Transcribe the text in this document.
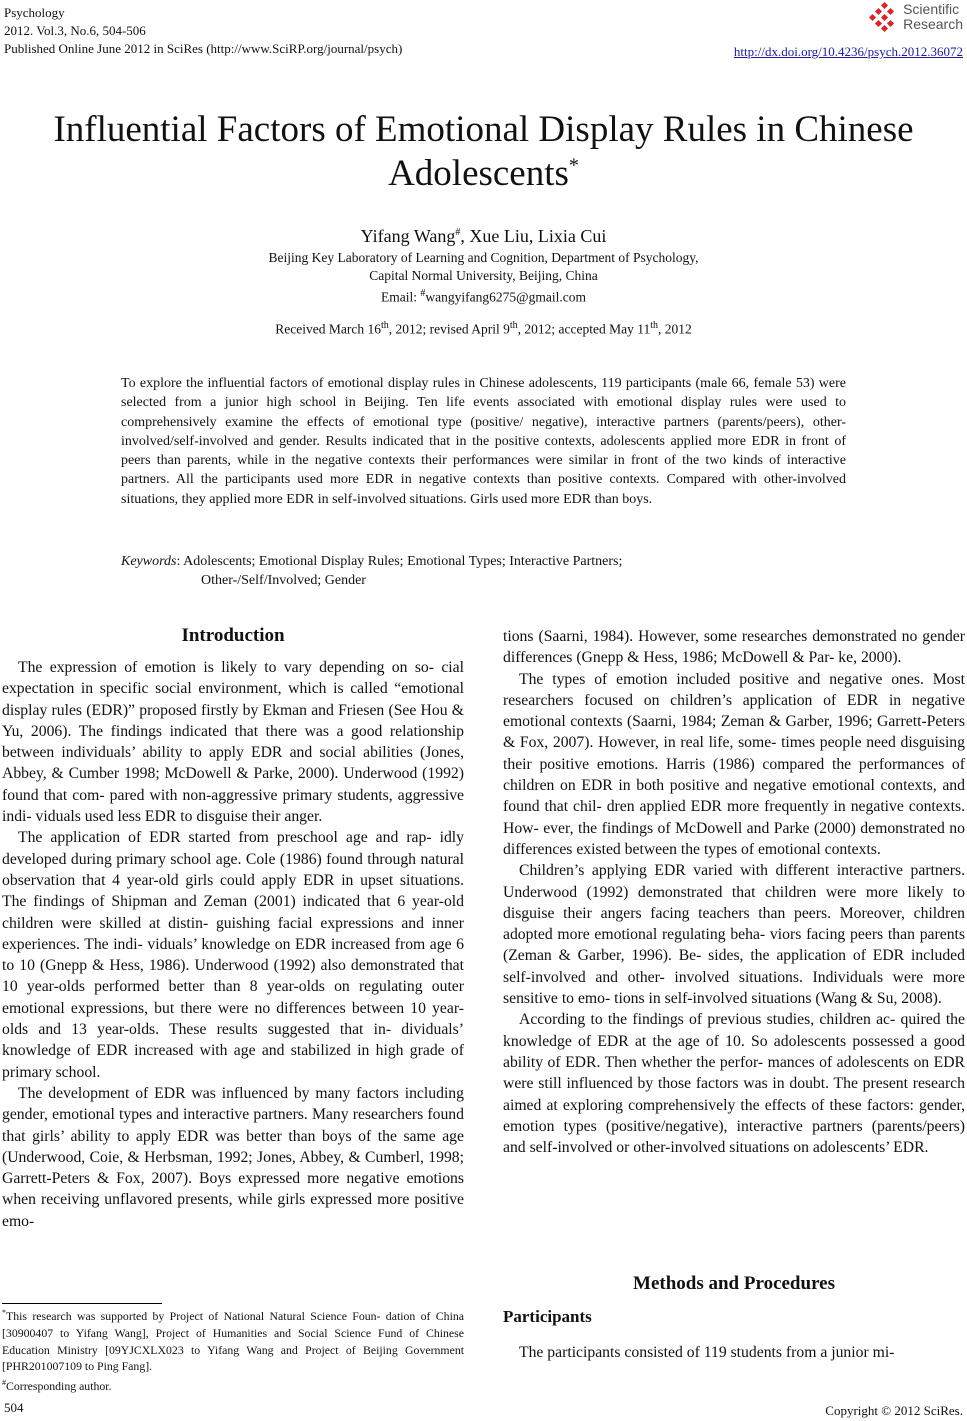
Psychology
2012. Vol.3, No.6, 504-506
Published Online June 2012 in SciRes (http://www.SciRP.org/journal/psych)	http://dx.doi.org/10.4236/psych.2012.36072
Scientific
Research
Influential Factors of Emotional Display Rules in Chinese
Adolescents*
Yifang Wang#, Xue Liu, Lixia Cui
Beijing Key Laboratory of Learning and Cognition, Department of Psychology,
Capital Normal University, Beijing, China
Email: #wangyifang6275@gmail.com
Received March 16th, 2012; revised April 9th, 2012; accepted May 11th, 2012
To explore the influential factors of emotional display rules in Chinese adolescents, 119 participants (male 66, female 53) were selected from a junior high school in Beijing. Ten life events associated with emotional display rules were used to comprehensively examine the effects of emotional type (positive/ negative), interactive partners (parents/peers), other-involved/self-involved and gender. Results indicated that in the positive contexts, adolescents applied more EDR in front of peers than parents, while in the negative contexts their performances were similar in front of the two kinds of interactive partners. All the participants used more EDR in negative contexts than positive contexts. Compared with other-involved situations, they applied more EDR in self-involved situations. Girls used more EDR than boys.
Keywords: Adolescents; Emotional Display Rules; Emotional Types; Interactive Partners;
Other-/Self/Involved; Gender
Introduction

The expression of emotion is likely to vary depending on so- cial expectation in specific social environment, which is called “emotional display rules (EDR)” proposed firstly by Ekman and Friesen (See Hou & Yu, 2006). The findings indicated that there was a good relationship between individuals’ ability to apply EDR and social abilities (Jones, Abbey, & Cumber 1998; McDowell & Parke, 2000). Underwood (1992) found that com- pared with non-aggressive primary students, aggressive indi- viduals used less EDR to disguise their anger.

The application of EDR started from preschool age and rap- idly developed during primary school age. Cole (1986) found through natural observation that 4 year-old girls could apply EDR in upset situations. The findings of Shipman and Zeman (2001) indicated that 6 year-old children were skilled at distin- guishing facial expressions and inner experiences. The indi- viduals’ knowledge on EDR increased from age 6 to 10 (Gnepp & Hess, 1986). Underwood (1992) also demonstrated that 10 year-olds performed better than 8 year-olds on regulating outer emotional expressions, but there were no differences between 10 year-olds and 13 year-olds. These results suggested that in- dividuals’ knowledge of EDR increased with age and stabilized in high grade of primary school.

The development of EDR was influenced by many factors including gender, emotional types and interactive partners. Many researchers found that girls’ ability to apply EDR was better than boys of the same age (Underwood, Coie, & Herbsman, 1992; Jones, Abbey, & Cumberl, 1998; Garrett-Peters & Fox, 2007). Boys expressed more negative emotions when receiving unflavored presents, while girls expressed more positive emo-

*This research was supported by Project of National Natural Science Foun- dation of China [30900407 to Yifang Wang], Project of Humanities and Social Science Fund of Chinese Education Ministry [09YJCXLX023 to Yifang Wang and Project of Beijing Government [PHR201007109 to Ping Fang].
#Corresponding author.

tions (Saarni, 1984). However, some researches demonstrated no gender differences (Gnepp & Hess, 1986; McDowell & Par- ke, 2000).

The types of emotion included positive and negative ones. Most researchers focused on children’s application of EDR in negative emotional contexts (Saarni, 1984; Zeman & Garber, 1996; Garrett-Peters & Fox, 2007). However, in real life, some- times people need disguising their positive emotions. Harris (1986) compared the performances of children on EDR in both positive and negative emotional contexts, and found that chil- dren applied EDR more frequently in negative contexts. How- ever, the findings of McDowell and Parke (2000) demonstrated no differences existed between the types of emotional contexts.

Children’s applying EDR varied with different interactive partners. Underwood (1992) demonstrated that children were more likely to disguise their angers facing teachers than peers. Moreover, children adopted more emotional regulating beha- viors facing peers than parents (Zeman & Garber, 1996). Be- sides, the application of EDR included self-involved and other- involved situations. Individuals were more sensitive to emo- tions in self-involved situations (Wang & Su, 2008).

According to the findings of previous studies, children ac- quired the knowledge of EDR at the age of 10. So adolescents possessed a good ability of EDR. Then whether the perfor- mances of adolescents on EDR were still influenced by those factors was in doubt. The present research aimed at exploring comprehensively the effects of these factors: gender, emotion types (positive/negative), interactive partners (parents/peers) and self-involved or other-involved situations on adolescents’ EDR.

Methods and Procedures
Participants

The participants consisted of 119 students from a junior mi-

504	Copyright © 2012 SciRes.
